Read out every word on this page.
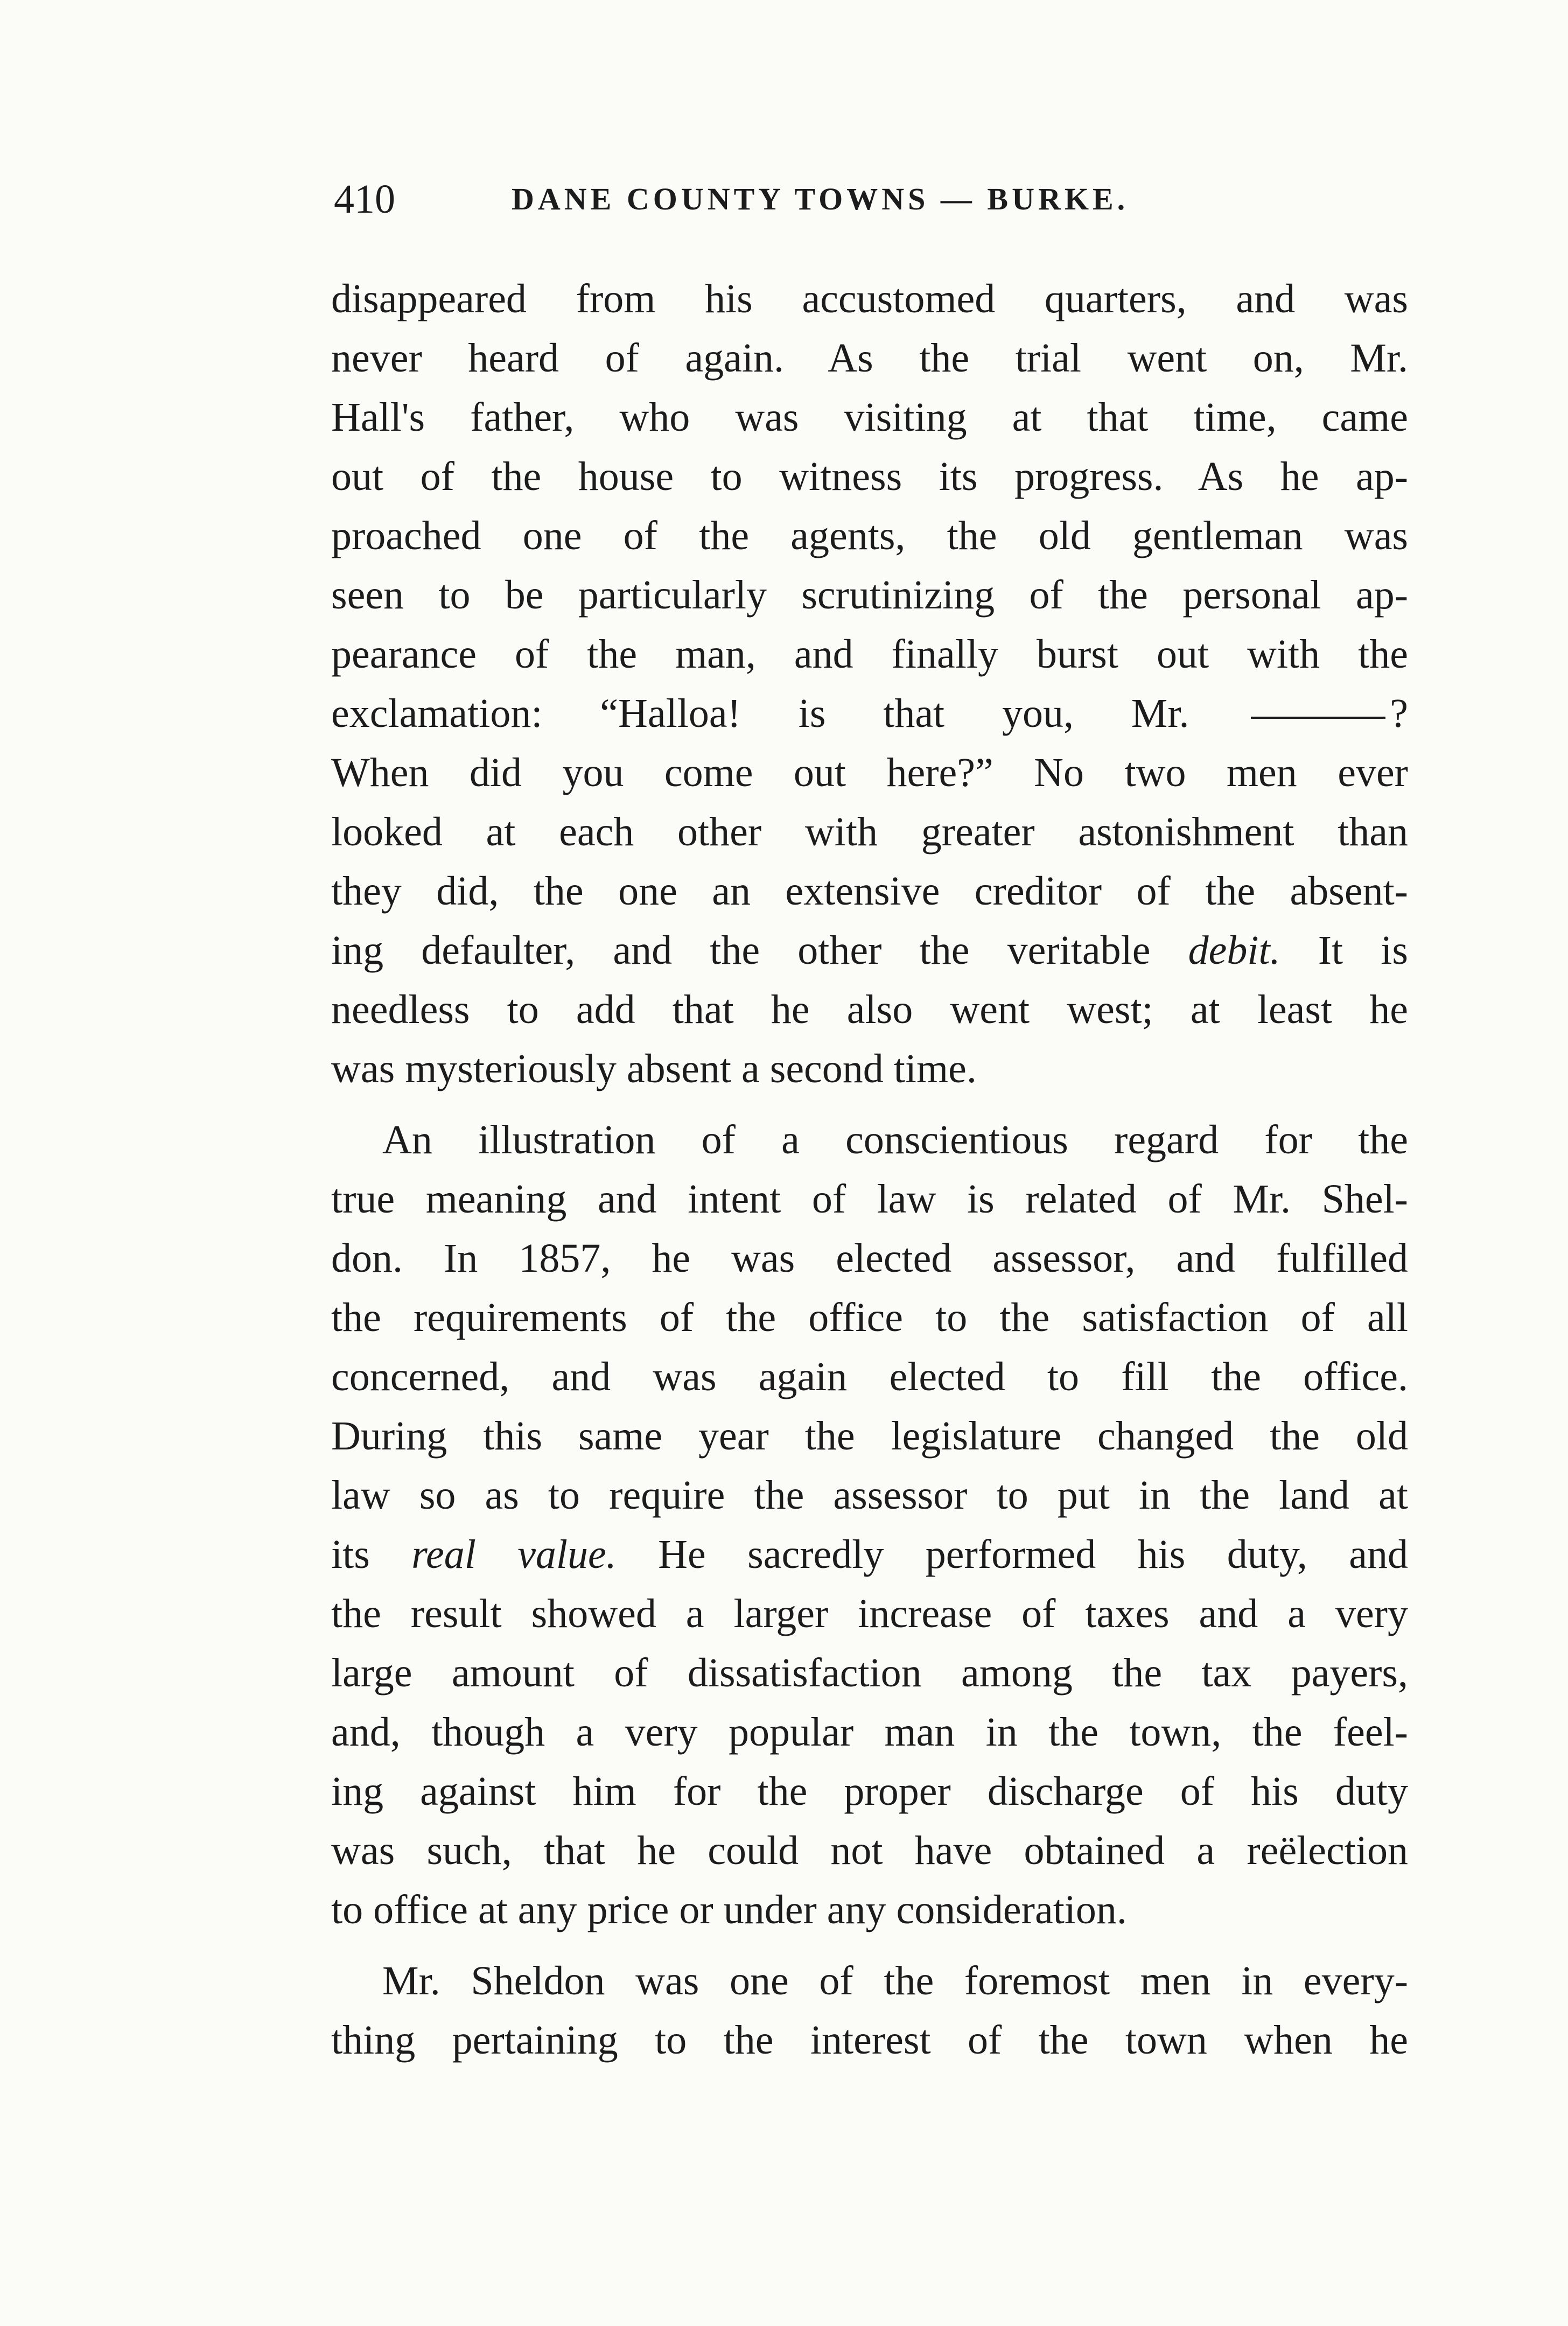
410	DANE COUNTY TOWNS — BURKE.
disappeared from his accustomed quarters, and was
never heard of again. As the trial went on, Mr.
Hall's father, who was visiting at that time, came
out of the house to witness its progress. As he ap-
proached one of the agents, the old gentleman was
seen to be particularly scrutinizing of the personal ap-
pearance of the man, and finally burst out with the
exclamation: “Halloa! is that you, Mr.	?
When did you come out here?” No two men ever
looked at each other with greater astonishment than
they did, the one an extensive creditor of the absent-
ing defaulter, and the other the veritable debit. It is
needless to add that he also went west; at least he
was mysteriously absent a second time.
An illustration of a conscientious regard for the
true meaning and intent of law is related of Mr. Shel-
don. In 1857, he was elected assessor, and fulfilled
the requirements of the office to the satisfaction of all
concerned, and was again elected to fill the office.
During this same year the legislature changed the old
law so as to require the assessor to put in the land at
its real value. He sacredly performed his duty, and
the result showed a larger increase of taxes and a very
large amount of dissatisfaction among the tax payers,
and, though a very popular man in the town, the feel-
ing against him for the proper discharge of his duty
was such, that he could not have obtained a reëlection
to office at any price or under any consideration.
Mr. Sheldon was one of the foremost men in every-
thing pertaining to the interest of the town when he
